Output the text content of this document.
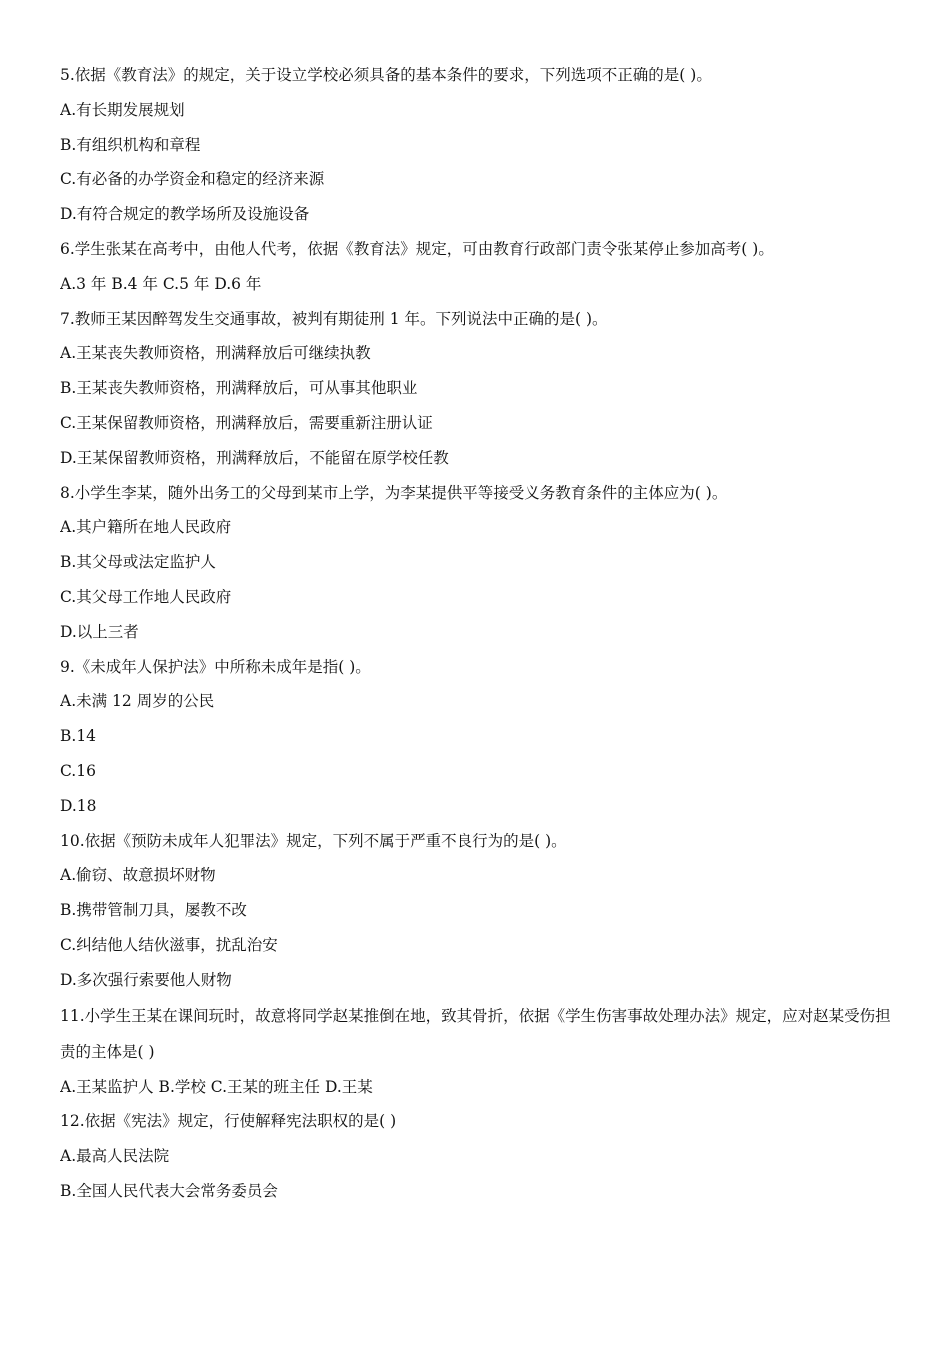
5.依据《教育法》的规定，关于设立学校必须具备的基本条件的要求，下列选项不正确的是( )。
A.有长期发展规划
B.有组织机构和章程
C.有必备的办学资金和稳定的经济来源
D.有符合规定的教学场所及设施设备
6.学生张某在高考中，由他人代考，依据《教育法》规定，可由教育行政部门责令张某停止参加高考( )。
A.3 年 B.4 年 C.5 年 D.6 年
7.教师王某因醉驾发生交通事故，被判有期徒刑 1 年。下列说法中正确的是( )。
A.王某丧失教师资格，刑满释放后可继续执教
B.王某丧失教师资格，刑满释放后，可从事其他职业
C.王某保留教师资格，刑满释放后，需要重新注册认证
D.王某保留教师资格，刑满释放后，不能留在原学校任教
8.小学生李某，随外出务工的父母到某市上学，为李某提供平等接受义务教育条件的主体应为( )。
A.其户籍所在地人民政府
B.其父母或法定监护人
C.其父母工作地人民政府
D.以上三者
9.《未成年人保护法》中所称未成年是指( )。
A.未满 12 周岁的公民
B.14
C.16
D.18
10.依据《预防未成年人犯罪法》规定，下列不属于严重不良行为的是( )。
A.偷窃、故意损坏财物
B.携带管制刀具，屡教不改
C.纠结他人结伙滋事，扰乱治安
D.多次强行索要他人财物
11.小学生王某在课间玩时，故意将同学赵某推倒在地，致其骨折，依据《学生伤害事故处理办法》规定，应对赵某受伤担责的主体是( )
A.王某监护人 B.学校 C.王某的班主任 D.王某
12.依据《宪法》规定，行使解释宪法职权的是( )
A.最高人民法院
B.全国人民代表大会常务委员会
